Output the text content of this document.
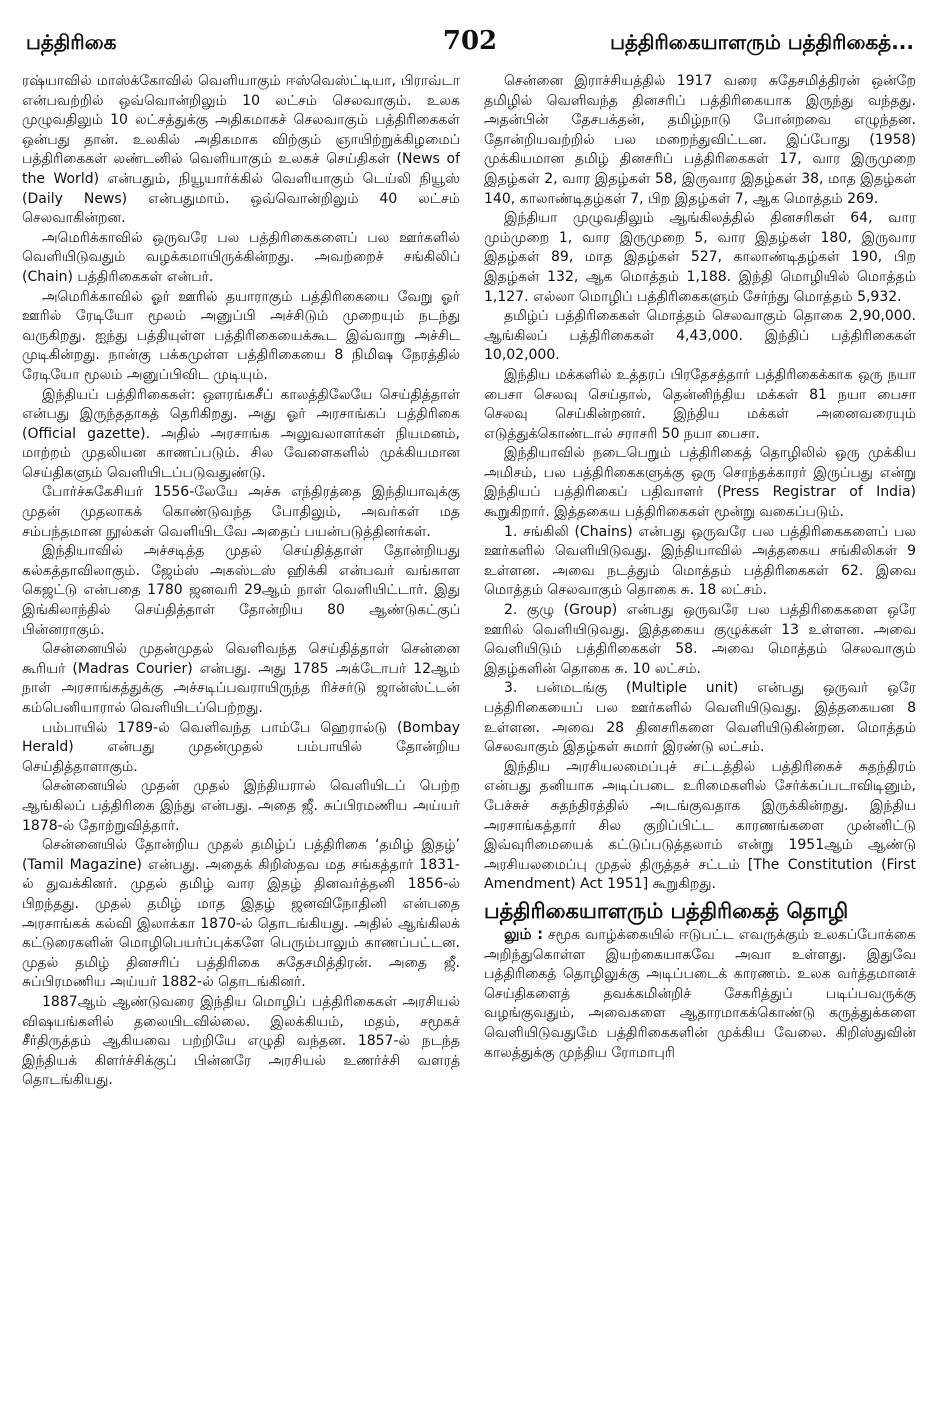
பத்திரிகை	702	பத்திரிகையாளரும் பத்திரிகைத்...

ரஷ்யாவில் மாஸ்க்கோவில் வெளியாகும் ஈஸ்வெஸ்ட்டியா, பிராவ்டா என்பவற்றில் ஒவ்வொன்றிலும் 10 லட்சம் செலவாகும். உலக முழுவதிலும் 10 லட்சத்துக்கு அதிகமாகச் செலவாகும் பத்திரிகைகள் ஒன்பது தான். உலகில் அதிகமாக விற்கும் ஞாயிற்றுக்கிழமைப் பத்திரிகைகள் லண்டனில் வெளியாகும் உலகச் செய்திகள் (News of the World) என்பதும், நியூயார்க்கில் வெளியாகும் டெய்லி நியூஸ் (Daily News) என்பதுமாம். ஒவ்வொன்றிலும் 40 லட்சம் செலவாகின்றன.

அமெரிக்காவில் ஒருவரே பல பத்திரிகைகளைப் பல ஊர்களில் வெளியிடுவதும் வழக்கமாயிருக்கின்றது. அவற்றைச் சங்கிலிப் (Chain) பத்திரிகைகள் என்பர்.

அமெரிக்காவில் ஓர் ஊரில் தயாராகும் பத்திரிகையை வேறு ஓர் ஊரில் ரேடியோ மூலம் அனுப்பி அச்சிடும் முறையும் நடந்து வருகிறது. ஐந்து பத்தியுள்ள பத்திரிகையைக்கூட இவ்வாறு அச்சிட முடிகின்றது. நான்கு பக்கமுள்ள பத்திரிகையை 8 நிமிஷ நேரத்தில் ரேடியோ மூலம் அனுப்பிவிட முடியும்.

இந்தியப் பத்திரிகைகள்: ஔரங்கசீப் காலத்திலேயே செய்தித்தாள் என்பது இருந்ததாகத் தெரிகிறது. அது ஓர் அரசாங்கப் பத்திரிகை (Official gazette). அதில் அரசாங்க அலுவலாளர்கள் நியமனம், மாற்றம் முதலியன காணப்படும். சில வேளைகளில் முக்கியமான செய்திகளும் வெளியிடப்படுவதுண்டு.

போர்ச்சுகேசியர் 1556-லேயே அச்சு எந்திரத்தை இந்தியாவுக்கு முதன் முதலாகக் கொண்டுவந்த போதிலும், அவர்கள் மத சம்பந்தமான நூல்கள் வெளியிடவே அதைப் பயன்படுத்தினர்கள்.

இந்தியாவில் அச்சடித்த முதல் செய்தித்தாள் தோன்றியது கல்கத்தாவிலாகும். ஜேம்ஸ் அகஸ்டஸ் ஹிக்கி என்பவர் வங்காள கெஜட்டு என்பதை 1780 ஜனவரி 29ஆம் நாள் வெளியிட்டார். இது இங்கிலாந்தில் செய்தித்தாள் தோன்றிய 80 ஆண்டுகட்குப் பின்னராகும்.

சென்னையில் முதன்முதல் வெளிவந்த செய்தித்தாள் சென்னை கூரியர் (Madras Courier) என்பது. அது 1785 அக்டோபர் 12ஆம் நாள் அரசாங்கத்துக்கு அச்சடிப்பவராயிருந்த ரிச்சர்டு ஜான்ஸ்ட்டன் கம்பெனியாரால் வெளியிடப்பெற்றது.

பம்பாயில் 1789-ல் வெளிவந்த பாம்பே ஹெரால்டு (Bombay Herald) என்பது முதன்முதல் பம்பாயில் தோன்றிய செய்தித்தாளாகும்.

சென்னையில் முதன் முதல் இந்தியரால் வெளியிடப் பெற்ற ஆங்கிலப் பத்திரிகை இந்து என்பது. அதை ஜீ. சுப்பிரமணிய அய்யர் 1878-ல் தோற்றுவித்தார்.

சென்னையில் தோன்றிய முதல் தமிழ்ப் பத்திரிகை ‘தமிழ் இதழ்’ (Tamil Magazine) என்பது. அதைக் கிறிஸ்தவ மத சங்கத்தார் 1831-ல் துவக்கினர். முதல் தமிழ் வார இதழ் தினவர்த்தனி 1856-ல் பிறந்தது. முதல் தமிழ் மாத இதழ் ஜனவிநோதினி என்பதை அரசாங்கக் கல்வி இலாக்கா 1870-ல் தொடங்கியது. அதில் ஆங்கிலக் கட்டுரைகளின் மொழிபெயர்ப்புக்களே பெரும்பாலும் காணப்பட்டன. முதல் தமிழ் தினசரிப் பத்திரிகை சுதேசமித்திரன். அதை ஜீ. சுப்பிரமணிய அய்யர் 1882-ல் தொடங்கினர்.

1887ஆம் ஆண்டுவரை இந்திய மொழிப் பத்திரிகைகள் அரசியல் விஷயங்களில் தலையிடவில்லை. இலக்கியம், மதம், சமூகச் சீர்திருத்தம் ஆகியவை பற்றியே எழுதி வந்தன. 1857-ல் நடந்த இந்தியக் கிளர்ச்சிக்குப் பின்னரே அரசியல் உணர்ச்சி வளரத் தொடங்கியது.

சென்னை இராச்சியத்தில் 1917 வரை சுதேசமித்திரன் ஒன்றே தமிழில் வெளிவந்த தினசரிப் பத்திரிகையாக இருந்து வந்தது. அதன்பின் தேசபக்தன், தமிழ்நாடு போன்றவை எழுந்தன. தோன்றியவற்றில் பல மறைந்துவிட்டன. இப்போது (1958) முக்கியமான தமிழ் தினசரிப் பத்திரிகைகள் 17, வார இருமுறை இதழ்கள் 2, வார இதழ்கள் 58, இருவார இதழ்கள் 38, மாத இதழ்கள் 140, காலாண்டிதழ்கள் 7, பிற இதழ்கள் 7, ஆக மொத்தம் 269.

இந்தியா முழுவதிலும் ஆங்கிலத்தில் தினசரிகள் 64, வார மும்முறை 1, வார இருமுறை 5, வார இதழ்கள் 180, இருவார இதழ்கள் 89, மாத இதழ்கள் 527, காலாண்டிதழ்கள் 190, பிற இதழ்கள் 132, ஆக மொத்தம் 1,188. இந்தி மொழியில் மொத்தம் 1,127. எல்லா மொழிப் பத்திரிகைகளும் சேர்ந்து மொத்தம் 5,932.

தமிழ்ப் பத்திரிகைகள் மொத்தம் செலவாகும் தொகை 2,90,000. ஆங்கிலப் பத்திரிகைகள் 4,43,000. இந்திப் பத்திரிகைகள் 10,02,000.

இந்திய மக்களில் உத்தரப் பிரதேசத்தார் பத்திரிகைக்காக ஒரு நயா பைசா செலவு செய்தால், தென்னிந்திய மக்கள் 81 நயா பைசா செலவு செய்கின்றனர். இந்திய மக்கள் அனைவரையும் எடுத்துக்கொண்டால் சராசரி 50 நயா பைசா.

இந்தியாவில் நடைபெறும் பத்திரிகைத் தொழிலில் ஒரு முக்கிய அமிசம், பல பத்திரிகைகளுக்கு ஒரு சொந்தக்காரர் இருப்பது என்று இந்தியப் பத்திரிகைப் பதிவாளர் (Press Registrar of India) கூறுகிறார். இத்தகைய பத்திரிகைகள் மூன்று வகைப்படும்.

1. சங்கிலி (Chains) என்பது ஒருவரே பல பத்திரிகைகளைப் பல ஊர்களில் வெளியிடுவது. இந்தியாவில் அத்தகைய சங்கிலிகள் 9 உள்ளன. அவை நடத்தும் மொத்தம் பத்திரிகைகள் 62. இவை மொத்தம் செலவாகும் தொகை சு. 18 லட்சம்.

2. குழு (Group) என்பது ஒருவரே பல பத்திரிகைகளை ஒரே ஊரில் வெளியிடுவது. இத்தகைய குழுக்கள் 13 உள்ளன. அவை வெளியிடும் பத்திரிகைகள் 58. அவை மொத்தம் செலவாகும் இதழ்களின் தொகை சு. 10 லட்சம்.

3. பன்மடங்கு (Multiple unit) என்பது ஒருவர் ஒரே பத்திரிகையைப் பல ஊர்களில் வெளியிடுவது. இத்தகையன 8 உள்ளன. அவை 28 தினசரிகளை வெளியிடுகின்றன. மொத்தம் செலவாகும் இதழ்கள் சுமார் இரண்டு லட்சம்.

இந்திய அரசியலமைப்புச் சட்டத்தில் பத்திரிகைச் சுதந்திரம் என்பது தனியாக அடிப்படை உரிமைகளில் சேர்க்கப்படாவிடினும், பேச்சுச் சுதந்திரத்தில் அடங்குவதாக இருக்கின்றது. இந்திய அரசாங்கத்தார் சில குறிப்பிட்ட காரணங்களை முன்னிட்டு இவ்வுரிமையைக் கட்டுப்படுத்தலாம் என்று 1951ஆம் ஆண்டு அரசியலமைப்பு முதல் திருத்தச் சட்டம் [The Constitution (First Amendment) Act 1951] கூறுகிறது.

பத்திரிகையாளரும் பத்திரிகைத் தொழி

லும் : சமூக வாழ்க்கையில் ஈடுபட்ட எவருக்கும் உலகப்போக்கை அறிந்துகொள்ள இயற்கையாகவே அவா உள்ளது. இதுவே பத்திரிகைத் தொழிலுக்கு அடிப்படைக் காரணம். உலக வர்த்தமானச் செய்திகளைத் தவக்கமின்றிச் சேகரித்துப் படிப்பவருக்கு வழங்குவதும், அவைகளை ஆதாரமாகக்கொண்டு கருத்துக்களை வெளியிடுவதுமே பத்திரிகைகளின் முக்கிய வேலை. கிறிஸ்துவின் காலத்துக்கு முந்திய ரோமாபுரி
